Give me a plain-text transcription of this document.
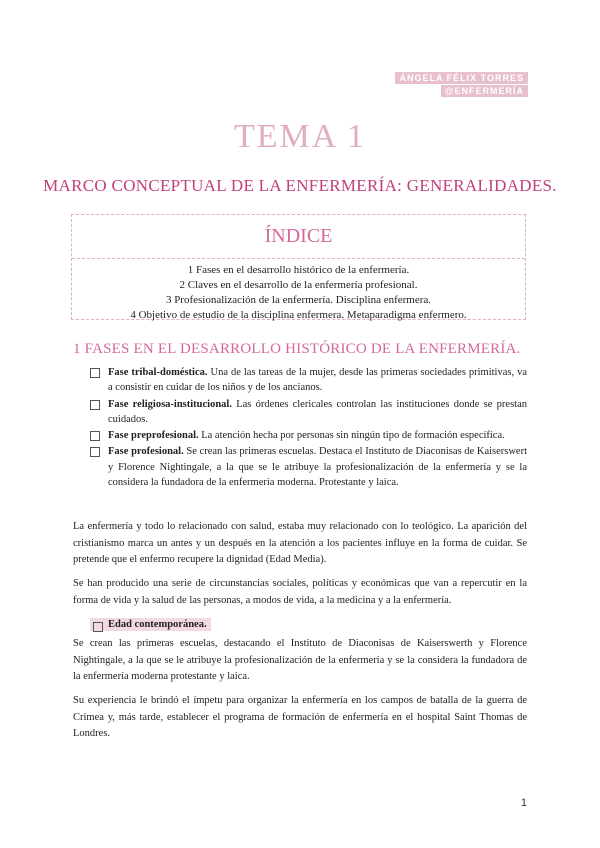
ÁNGELA FÉLIX TORRES
@ENFERMERÍA
TEMA 1
MARCO CONCEPTUAL DE LA ENFERMERÍA: GENERALIDADES.
ÍNDICE
1 Fases en el desarrollo histórico de la enfermería.
2 Claves en el desarrollo de la enfermería profesional.
3 Profesionalización de la enfermería. Disciplina enfermera.
4 Objetivo de estudio de la disciplina enfermera. Metaparadigma enfermero.
1 FASES EN EL DESARROLLO HISTÓRICO DE LA ENFERMERÍA.
Fase tribal-doméstica. Una de las tareas de la mujer, desde las primeras sociedades primitivas, va a consistir en cuidar de los niños y de los ancianos.
Fase religiosa-institucional. Las órdenes clericales controlan las instituciones donde se prestan cuidados.
Fase preprofesional. La atención hecha por personas sin ningún tipo de formación específica.
Fase profesional. Se crean las primeras escuelas. Destaca el Instituto de Diaconisas de Kaiserswert y Florence Nightingale, a la que se le atribuye la profesionalización de la enfermería y se la considera la fundadora de la enfermería moderna. Protestante y laica.
La enfermería y todo lo relacionado con salud, estaba muy relacionado con lo teológico. La aparición del cristianismo marca un antes y un después en la atención a los pacientes influye en la forma de cuidar. Se pretende que el enfermo recupere la dignidad (Edad Media).
Se han producido una serie de circunstancias sociales, políticas y económicas que van a repercutir en la forma de vida y la salud de las personas, a modos de vida, a la medicina y a la enfermería.
Edad contemporánea.
Se crean las primeras escuelas, destacando el Instituto de Diaconisas de Kaiserswerth y Florence Nightingale, a la que se le atribuye la profesionalización de la enfermería y se la considera la fundadora de la enfermería moderna protestante y laica.
Su experiencia le brindó el ímpetu para organizar la enfermería en los campos de batalla de la guerra de Crimea y, más tarde, establecer el programa de formación de enfermería en el hospital Saint Thomas de Londres.
1
